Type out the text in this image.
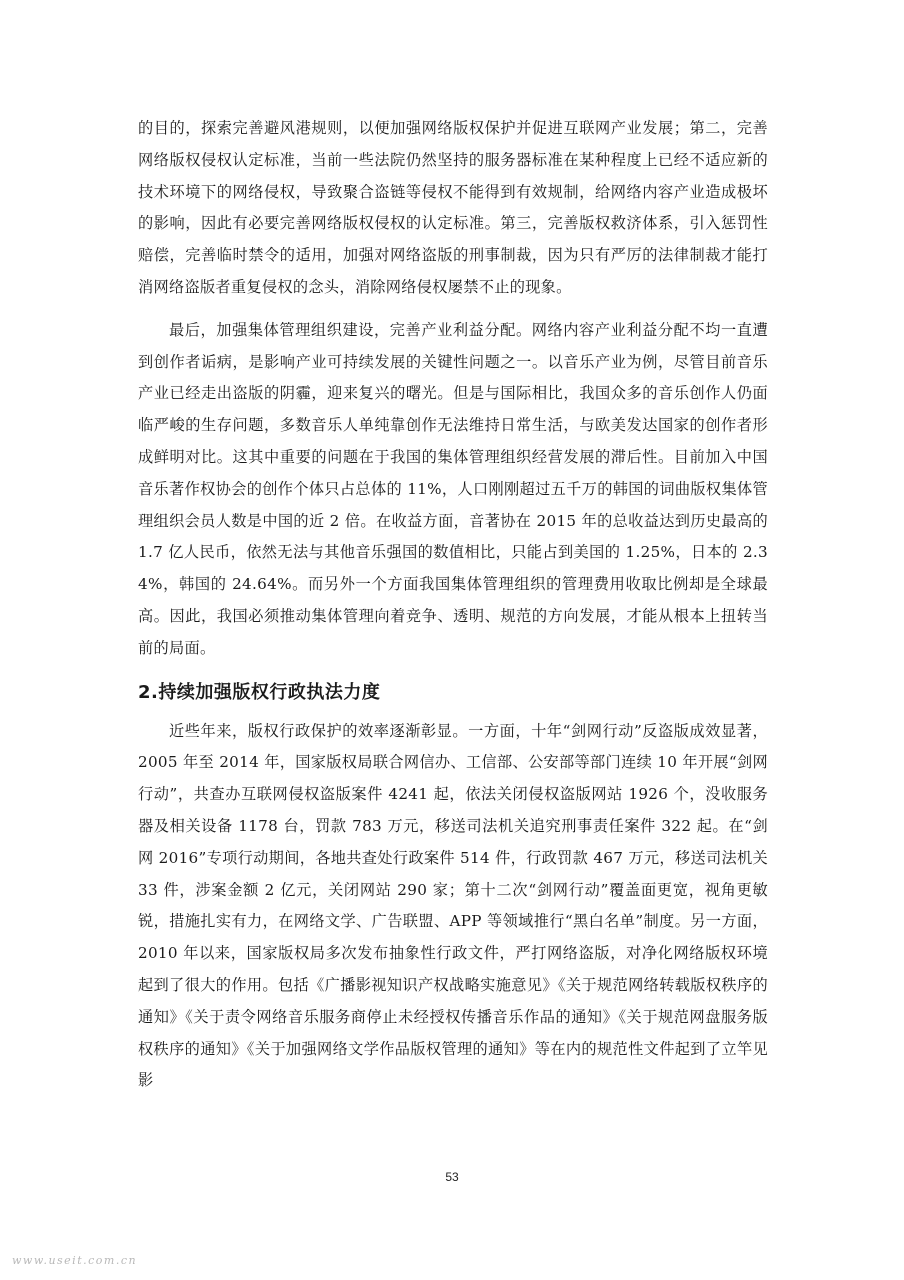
的目的，探索完善避风港规则，以便加强网络版权保护并促进互联网产业发展；第二，完善网络版权侵权认定标准，当前一些法院仍然坚持的服务器标准在某种程度上已经不适应新的技术环境下的网络侵权，导致聚合盗链等侵权不能得到有效规制，给网络内容产业造成极坏的影响，因此有必要完善网络版权侵权的认定标准。第三，完善版权救济体系，引入惩罚性赔偿，完善临时禁令的适用，加强对网络盗版的刑事制裁，因为只有严厉的法律制裁才能打消网络盗版者重复侵权的念头，消除网络侵权屡禁不止的现象。

最后，加强集体管理组织建设，完善产业利益分配。网络内容产业利益分配不均一直遭到创作者诟病，是影响产业可持续发展的关键性问题之一。以音乐产业为例，尽管目前音乐产业已经走出盗版的阴霾，迎来复兴的曙光。但是与国际相比，我国众多的音乐创作人仍面临严峻的生存问题，多数音乐人单纯靠创作无法维持日常生活，与欧美发达国家的创作者形成鲜明对比。这其中重要的问题在于我国的集体管理组织经营发展的滞后性。目前加入中国音乐著作权协会的创作个体只占总体的 11%，人口刚刚超过五千万的韩国的词曲版权集体管理组织会员人数是中国的近 2 倍。在收益方面，音著协在 2015 年的总收益达到历史最高的 1.7 亿人民币，依然无法与其他音乐强国的数值相比，只能占到美国的 1.25%，日本的 2.34%，韩国的 24.64%。而另外一个方面我国集体管理组织的管理费用收取比例却是全球最高。因此，我国必须推动集体管理向着竞争、透明、规范的方向发展，才能从根本上扭转当前的局面。

2.持续加强版权行政执法力度

近些年来，版权行政保护的效率逐渐彰显。一方面，十年“剑网行动”反盗版成效显著，2005 年至 2014 年，国家版权局联合网信办、工信部、公安部等部门连续 10 年开展“剑网行动”，共查办互联网侵权盗版案件 4241 起，依法关闭侵权盗版网站 1926 个，没收服务器及相关设备 1178 台，罚款 783 万元，移送司法机关追究刑事责任案件 322 起。在“剑网 2016”专项行动期间，各地共查处行政案件 514 件，行政罚款 467 万元，移送司法机关 33 件，涉案金额 2 亿元，关闭网站 290 家；第十二次“剑网行动”覆盖面更宽，视角更敏锐，措施扎实有力，在网络文学、广告联盟、APP 等领域推行“黑白名单”制度。另一方面，2010 年以来，国家版权局多次发布抽象性行政文件，严打网络盗版，对净化网络版权环境起到了很大的作用。包括《广播影视知识产权战略实施意见》《关于规范网络转载版权秩序的通知》《关于责令网络音乐服务商停止未经授权传播音乐作品的通知》《关于规范网盘服务版权秩序的通知》《关于加强网络文学作品版权管理的通知》等在内的规范性文件起到了立竿见影

53
www.useit.com.cn
